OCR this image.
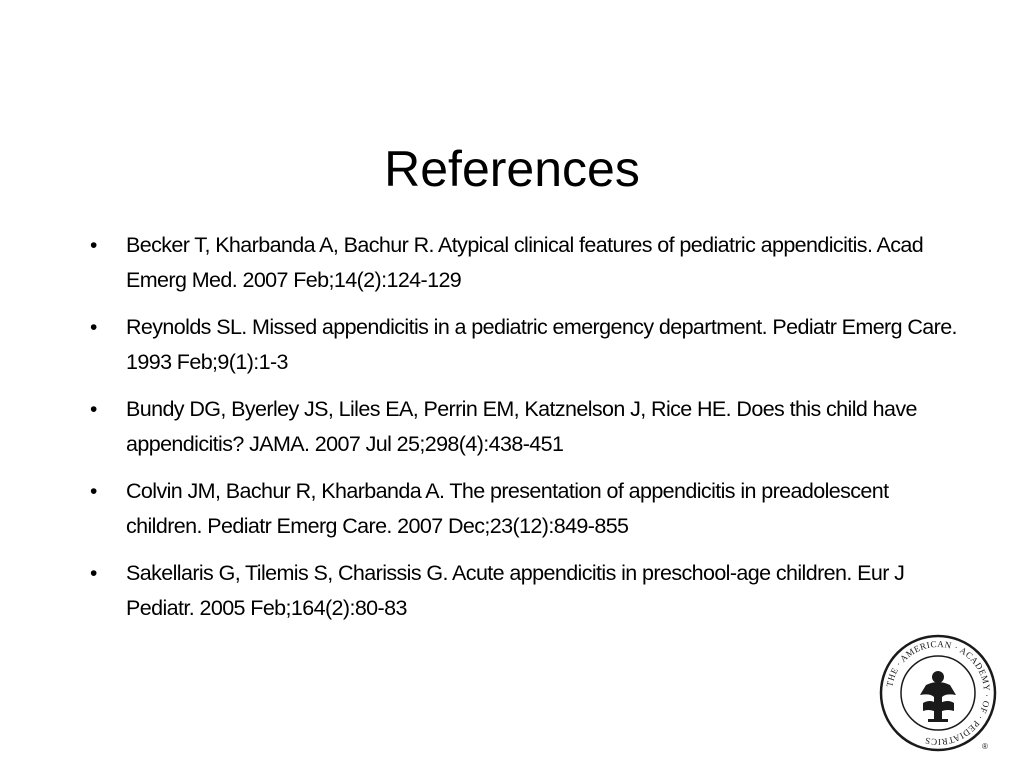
References
• Becker T, Kharbanda A, Bachur R. Atypical clinical features of pediatric appendicitis. Acad Emerg Med. 2007 Feb;14(2):124-129
• Reynolds SL. Missed appendicitis in a pediatric emergency department. Pediatr Emerg Care. 1993 Feb;9(1):1-3
• Bundy DG, Byerley JS, Liles EA, Perrin EM, Katznelson J, Rice HE. Does this child have appendicitis? JAMA. 2007 Jul 25;298(4):438-451
• Colvin JM, Bachur R, Kharbanda A. The presentation of appendicitis in preadolescent children. Pediatr Emerg Care. 2007 Dec;23(12):849-855
• Sakellaris G, Tilemis S, Charissis G. Acute appendicitis in preschool-age children. Eur J Pediatr. 2005 Feb;164(2):80-83
THE · AMERICAN · ACADEMY · OF · PEDIATRICS
®
